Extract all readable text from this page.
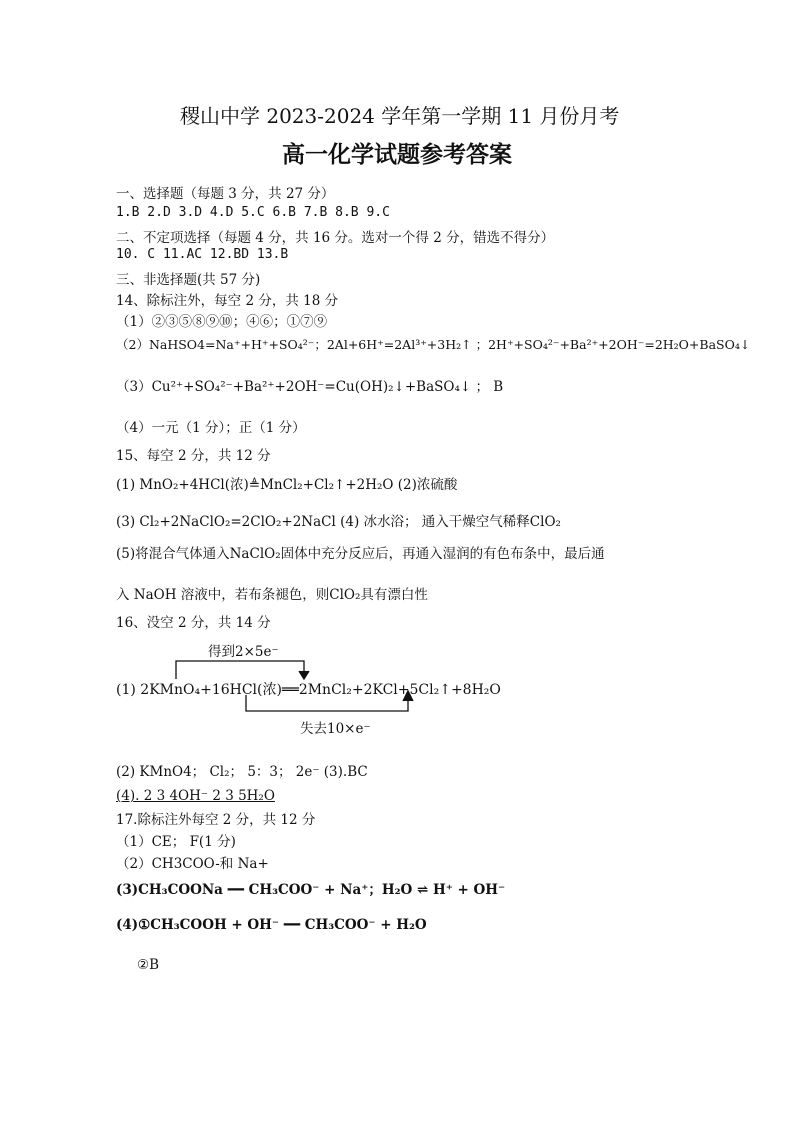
稷山中学 2023-2024 学年第一学期 11 月份月考
高一化学试题参考答案
一、选择题（每题 3 分，共 27 分）
1.B 2.D 3.D 4.D 5.C 6.B 7.B 8.B 9.C
二、不定项选择（每题 4 分，共 16 分。选对一个得 2 分，错选不得分）
10. C 11.AC 12.BD 13.B
三、非选择题(共 57 分)
14、除标注外，每空 2 分，共 18 分
（1）②③⑤⑧⑨⑩；④⑥；①⑦⑨
（2）NaHSO4=Na⁺+H⁺+SO₄²⁻；2Al+6H⁺=2Al³⁺+3H₂↑ ；2H⁺+SO₄²⁻+Ba²⁺+2OH⁻=2H₂O+BaSO₄↓
（3）Cu²⁺+SO₄²⁻+Ba²⁺+2OH⁻=Cu(OH)₂↓+BaSO₄↓ ； B
（4）一元（1 分）；正（1 分）
15、每空 2 分，共 12 分
(1) MnO₂+4HCl(浓)≜MnCl₂+Cl₂↑+2H₂O (2)浓硫酸
(3) Cl₂+2NaClO₂=2ClO₂+2NaCl (4) 冰水浴； 通入干燥空气稀释ClO₂
(5)将混合气体通入NaClO₂固体中充分反应后，再通入湿润的有色布条中，最后通
入 NaOH 溶液中，若布条褪色，则ClO₂具有漂白性
16、没空 2 分，共 14 分
得到2×5e⁻
(1) 2KMnO₄+16HCl(浓)══2MnCl₂+2KCl+5Cl₂↑+8H₂O
失去10×e⁻
(2) KMnO4； Cl₂； 5：3； 2e⁻ (3).BC
(4). 2 3 4OH⁻ 2 3 5H₂O
17.除标注外每空 2 分，共 12 分
（1）CE； F(1 分)
（2）CH3COO-和 Na+
(3)CH₃COONa ━━ CH₃COO⁻ + Na⁺；H₂O ⇌ H⁺ + OH⁻
(4)①CH₃COOH + OH⁻ ━━ CH₃COO⁻ + H₂O
②B
